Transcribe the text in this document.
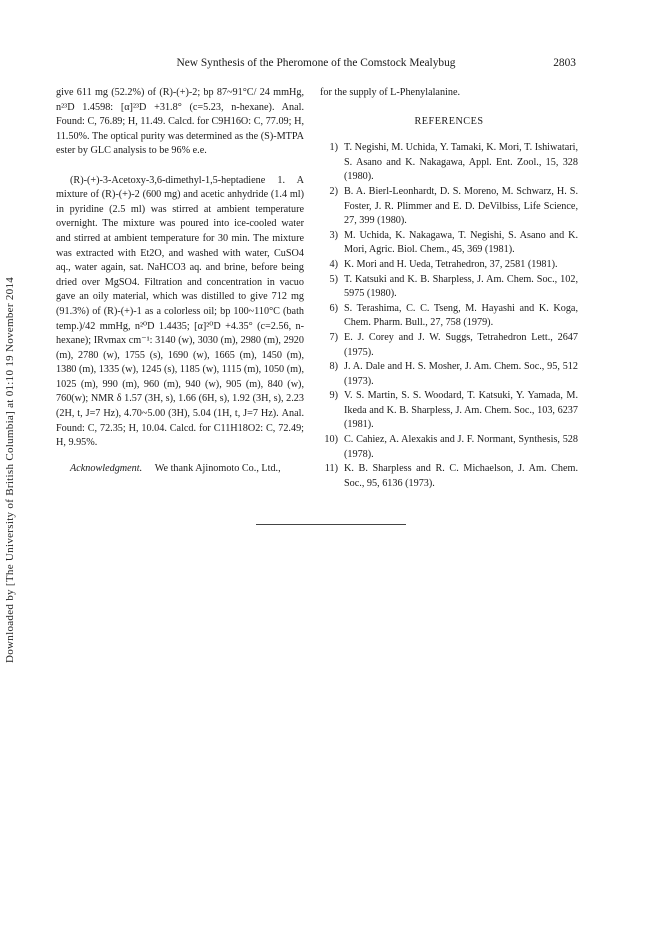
Downloaded by [The University of British Columbia] at 01:10 19 November 2014
New Synthesis of the Pheromone of the Comstock Mealybug	2803

give 611 mg (52.2%) of (R)-(+)-2; bp 87~91°C/ 24 mmHg, n²³D 1.4598: [α]²³D +31.8° (c=5.23, n-hexane). Anal. Found: C, 76.89; H, 11.49. Calcd. for C9H16O: C, 77.09; H, 11.50%. The optical purity was determined as the (S)-MTPA ester by GLC analysis to be 96% e.e.

(R)-(+)-3-Acetoxy-3,6-dimethyl-1,5-heptadiene 1. A mixture of (R)-(+)-2 (600 mg) and acetic anhydride (1.4 ml) in pyridine (2.5 ml) was stirred at ambient temperature overnight. The mixture was poured into ice-cooled water and stirred at ambient temperature for 30 min. The mixture was extracted with Et2O, and washed with water, CuSO4 aq., water again, sat. NaHCO3 aq. and brine, before being dried over MgSO4. Filtration and concentration in vacuo gave an oily material, which was distilled to give 712 mg (91.3%) of (R)-(+)-1 as a colorless oil; bp 100~110°C (bath temp.)/42 mmHg, n²⁰D 1.4435; [α]²⁰D +4.35° (c=2.56, n-hexane); IRνmax cm⁻¹: 3140 (w), 3030 (m), 2980 (m), 2920 (m), 2780 (w), 1755 (s), 1690 (w), 1665 (m), 1450 (m), 1380 (m), 1335 (w), 1245 (s), 1185 (w), 1115 (m), 1050 (m), 1025 (m), 990 (m), 960 (m), 940 (w), 905 (m), 840 (w), 760(w); NMR δ 1.57 (3H, s), 1.66 (6H, s), 1.92 (3H, s), 2.23 (2H, t, J=7 Hz), 4.70~5.00 (3H), 5.04 (1H, t, J=7 Hz). Anal. Found: C, 72.35; H, 10.04. Calcd. for C11H18O2: C, 72.49; H, 9.95%.

Acknowledgment. We thank Ajinomoto Co., Ltd.,

for the supply of L-Phenylalanine.

REFERENCES
1) T. Negishi, M. Uchida, Y. Tamaki, K. Mori, T. Ishiwatari, S. Asano and K. Nakagawa, Appl. Ent. Zool., 15, 328 (1980).
2) B. A. Bierl-Leonhardt, D. S. Moreno, M. Schwarz, H. S. Foster, J. R. Plimmer and E. D. DeVilbiss, Life Science, 27, 399 (1980).
3) M. Uchida, K. Nakagawa, T. Negishi, S. Asano and K. Mori, Agric. Biol. Chem., 45, 369 (1981).
4) K. Mori and H. Ueda, Tetrahedron, 37, 2581 (1981).
5) T. Katsuki and K. B. Sharpless, J. Am. Chem. Soc., 102, 5975 (1980).
6) S. Terashima, C. C. Tseng, M. Hayashi and K. Koga, Chem. Pharm. Bull., 27, 758 (1979).
7) E. J. Corey and J. W. Suggs, Tetrahedron Lett., 2647 (1975).
8) J. A. Dale and H. S. Mosher, J. Am. Chem. Soc., 95, 512 (1973).
9) V. S. Martin, S. S. Woodard, T. Katsuki, Y. Yamada, M. Ikeda and K. B. Sharpless, J. Am. Chem. Soc., 103, 6237 (1981).
10) C. Cahiez, A. Alexakis and J. F. Normant, Synthesis, 528 (1978).
11) K. B. Sharpless and R. C. Michaelson, J. Am. Chem. Soc., 95, 6136 (1973).
